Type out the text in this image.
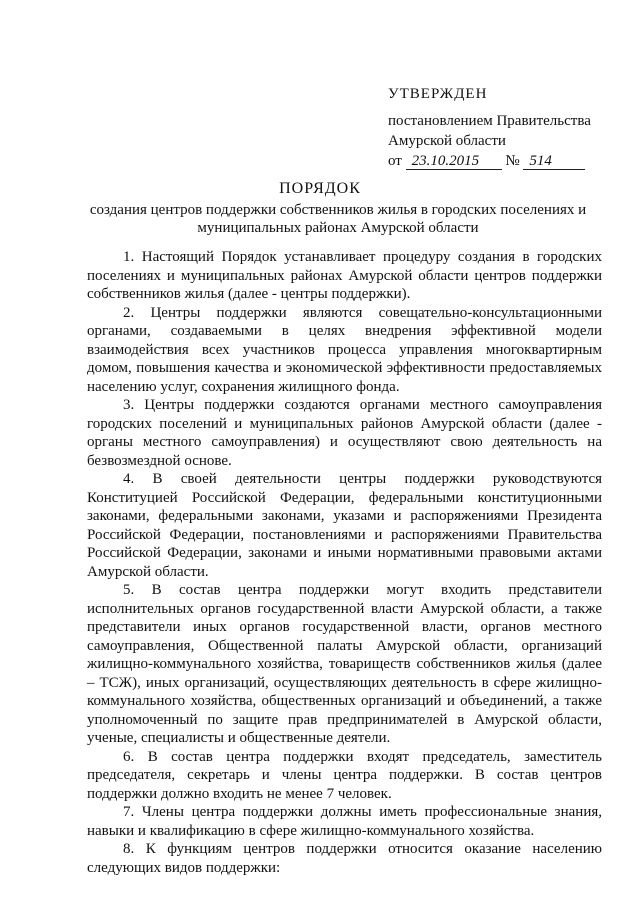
УТВЕРЖДЕН
постановлением Правительства
Амурской области
от 23.10.2015 № 514
ПОРЯДОК
создания центров поддержки собственников жилья в городских поселениях и муниципальных районах Амурской области

1. Настоящий Порядок устанавливает процедуру создания в городских поселениях и муниципальных районах Амурской области центров поддержки собственников жилья (далее - центры поддержки).

2. Центры поддержки являются совещательно-консультационными органами, создаваемыми в целях внедрения эффективной модели взаимодействия всех участников процесса управления многоквартирным домом, повышения качества и экономической эффективности предоставляемых населению услуг, сохранения жилищного фонда.

3. Центры поддержки создаются органами местного самоуправления городских поселений и муниципальных районов Амурской области (далее - органы местного самоуправления) и осуществляют свою деятельность на безвозмездной основе.

4. В своей деятельности центры поддержки руководствуются Конституцией Российской Федерации, федеральными конституционными законами, федеральными законами, указами и распоряжениями Президента Российской Федерации, постановлениями и распоряжениями Правительства Российской Федерации, законами и иными нормативными правовыми актами Амурской области.

5. В состав центра поддержки могут входить представители исполнительных органов государственной власти Амурской области, а также представители иных органов государственной власти, органов местного самоуправления, Общественной палаты Амурской области, организаций жилищно-коммунального хозяйства, товариществ собственников жилья (далее – ТСЖ), иных организаций, осуществляющих деятельность в сфере жилищно-коммунального хозяйства, общественных организаций и объединений, а также уполномоченный по защите прав предпринимателей в Амурской области, ученые, специалисты и общественные деятели.

6. В состав центра поддержки входят председатель, заместитель председателя, секретарь и члены центра поддержки. В состав центров поддержки должно входить не менее 7 человек.

7. Члены центра поддержки должны иметь профессиональные знания, навыки и квалификацию в сфере жилищно-коммунального хозяйства.

8. К функциям центров поддержки относится оказание населению следующих видов поддержки:
